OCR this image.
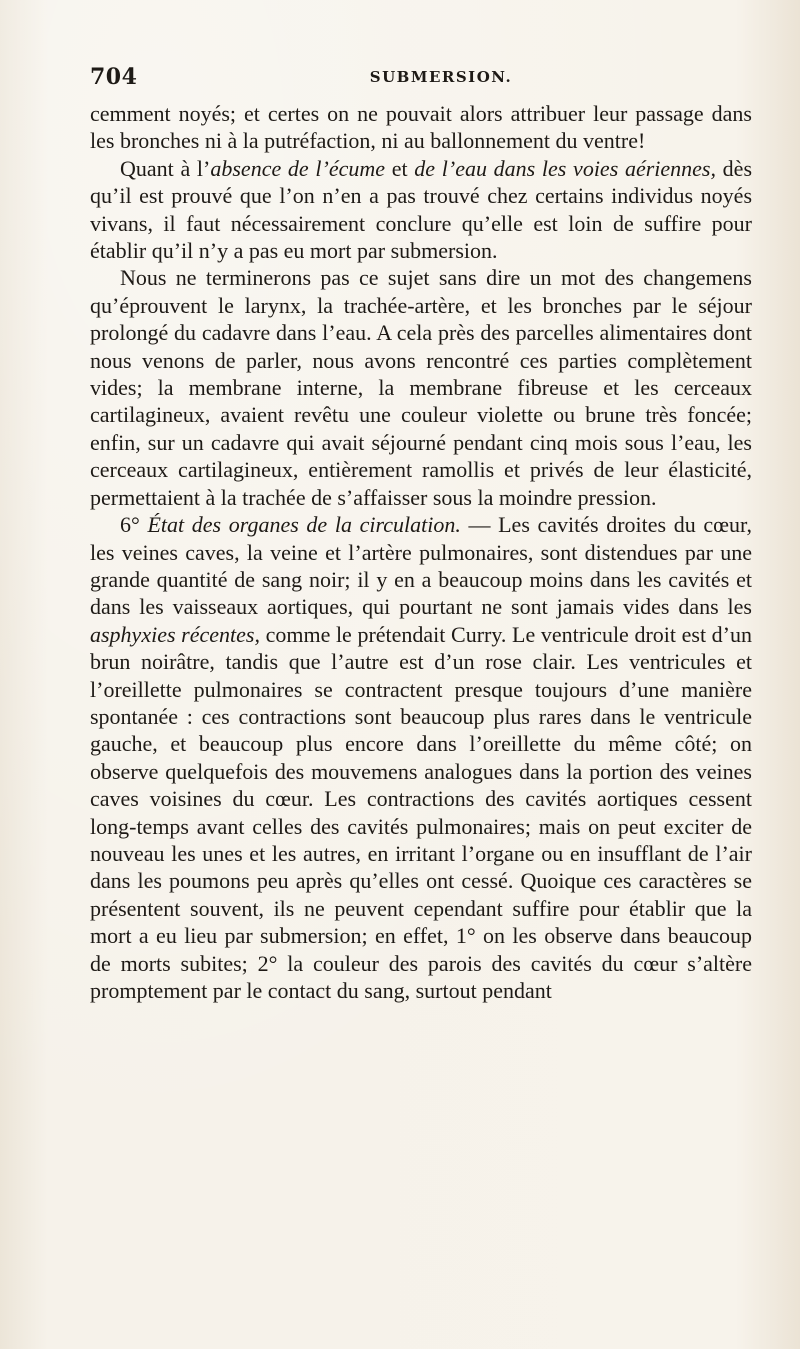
704	SUBMERSION.

cemment noyés; et certes on ne pouvait alors attribuer leur passage dans les bronches ni à la putréfaction, ni au ballonnement du ventre!

Quant à l’absence de l’écume et de l’eau dans les voies aériennes, dès qu’il est prouvé que l’on n’en a pas trouvé chez certains individus noyés vivans, il faut nécessairement conclure qu’elle est loin de suffire pour établir qu’il n’y a pas eu mort par submersion.

Nous ne terminerons pas ce sujet sans dire un mot des changemens qu’éprouvent le larynx, la trachée-artère, et les bronches par le séjour prolongé du cadavre dans l’eau. A cela près des parcelles alimentaires dont nous venons de parler, nous avons rencontré ces parties complètement vides; la membrane interne, la membrane fibreuse et les cerceaux cartilagineux, avaient revêtu une couleur violette ou brune très foncée; enfin, sur un cadavre qui avait séjourné pendant cinq mois sous l’eau, les cerceaux cartilagineux, entièrement ramollis et privés de leur élasticité, permettaient à la trachée de s’affaisser sous la moindre pression.

6° État des organes de la circulation. — Les cavités droites du cœur, les veines caves, la veine et l’artère pulmonaires, sont distendues par une grande quantité de sang noir; il y en a beaucoup moins dans les cavités et dans les vaisseaux aortiques, qui pourtant ne sont jamais vides dans les asphyxies récentes, comme le prétendait Curry. Le ventricule droit est d’un brun noirâtre, tandis que l’autre est d’un rose clair. Les ventricules et l’oreillette pulmonaires se contractent presque toujours d’une manière spontanée : ces contractions sont beaucoup plus rares dans le ventricule gauche, et beaucoup plus encore dans l’oreillette du même côté; on observe quelquefois des mouvemens analogues dans la portion des veines caves voisines du cœur. Les contractions des cavités aortiques cessent long-temps avant celles des cavités pulmonaires; mais on peut exciter de nouveau les unes et les autres, en irritant l’organe ou en insufflant de l’air dans les poumons peu après qu’elles ont cessé. Quoique ces caractères se présentent souvent, ils ne peuvent cependant suffire pour établir que la mort a eu lieu par submersion; en effet, 1° on les observe dans beaucoup de morts subites; 2° la couleur des parois des cavités du cœur s’altère promptement par le contact du sang, surtout pendant
